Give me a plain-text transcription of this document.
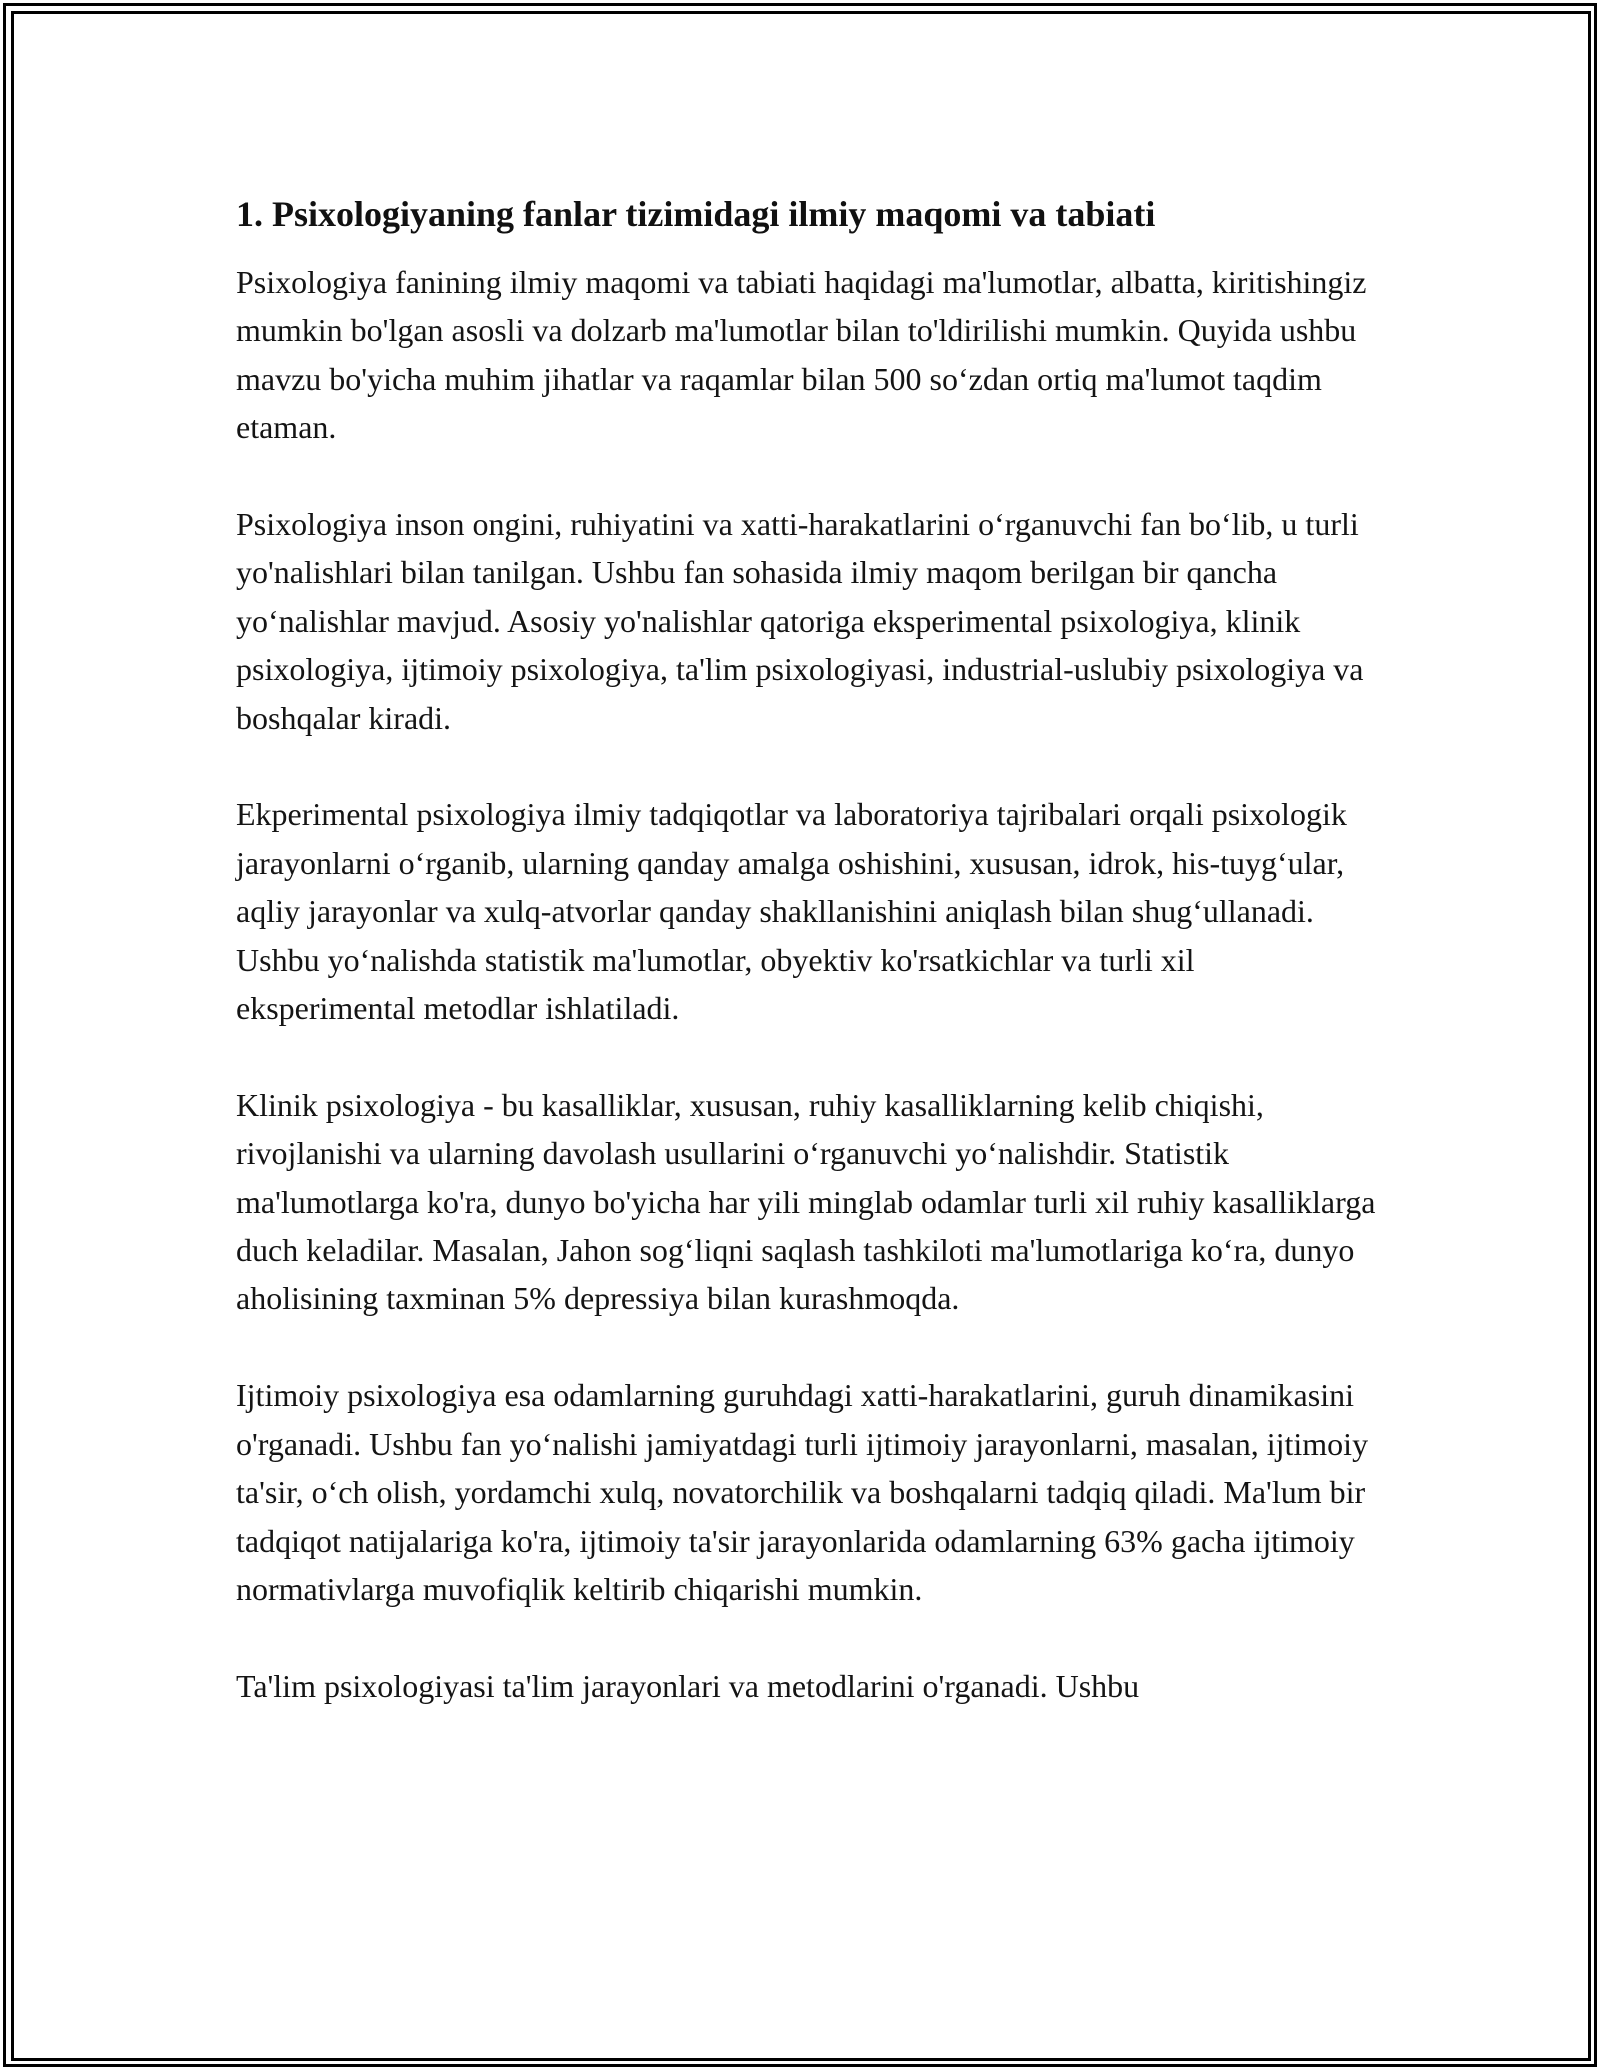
1. Psixologiyaning fanlar tizimidagi ilmiy maqomi va tabiati

Psixologiya fanining ilmiy maqomi va tabiati haqidagi ma'lumotlar, albatta, kiritishingiz mumkin bo'lgan asosli va dolzarb ma'lumotlar bilan to'ldirilishi mumkin. Quyida ushbu mavzu bo'yicha muhim jihatlar va raqamlar bilan 500 so‘zdan ortiq ma'lumot taqdim etaman.

Psixologiya inson ongini, ruhiyatini va xatti-harakatlarini o‘rganuvchi fan bo‘lib, u turli yo'nalishlari bilan tanilgan. Ushbu fan sohasida ilmiy maqom berilgan bir qancha yo‘nalishlar mavjud. Asosiy yo'nalishlar qatoriga eksperimental psixologiya, klinik psixologiya, ijtimoiy psixologiya, ta'lim psixologiyasi, industrial-uslubiy psixologiya va boshqalar kiradi.

Ekperimental psixologiya ilmiy tadqiqotlar va laboratoriya tajribalari orqali psixologik jarayonlarni o‘rganib, ularning qanday amalga oshishini, xususan, idrok, his-tuyg‘ular, aqliy jarayonlar va xulq-atvorlar qanday shakllanishini aniqlash bilan shug‘ullanadi. Ushbu yo‘nalishda statistik ma'lumotlar, obyektiv ko'rsatkichlar va turli xil eksperimental metodlar ishlatiladi.

Klinik psixologiya - bu kasalliklar, xususan, ruhiy kasalliklarning kelib chiqishi, rivojlanishi va ularning davolash usullarini o‘rganuvchi yo‘nalishdir. Statistik ma'lumotlarga ko'ra, dunyo bo'yicha har yili minglab odamlar turli xil ruhiy kasalliklarga duch keladilar. Masalan, Jahon sog‘liqni saqlash tashkiloti ma'lumotlariga ko‘ra, dunyo aholisining taxminan 5% depressiya bilan kurashmoqda.

Ijtimoiy psixologiya esa odamlarning guruhdagi xatti-harakatlarini, guruh dinamikasini o'rganadi. Ushbu fan yo‘nalishi jamiyatdagi turli ijtimoiy jarayonlarni, masalan, ijtimoiy ta'sir, o‘ch olish, yordamchi xulq, novatorchilik va boshqalarni tadqiq qiladi. Ma'lum bir tadqiqot natijalariga ko'ra, ijtimoiy ta'sir jarayonlarida odamlarning 63% gacha ijtimoiy normativlarga muvofiqlik keltirib chiqarishi mumkin.

Ta'lim psixologiyasi ta'lim jarayonlari va metodlarini o'rganadi. Ushbu
